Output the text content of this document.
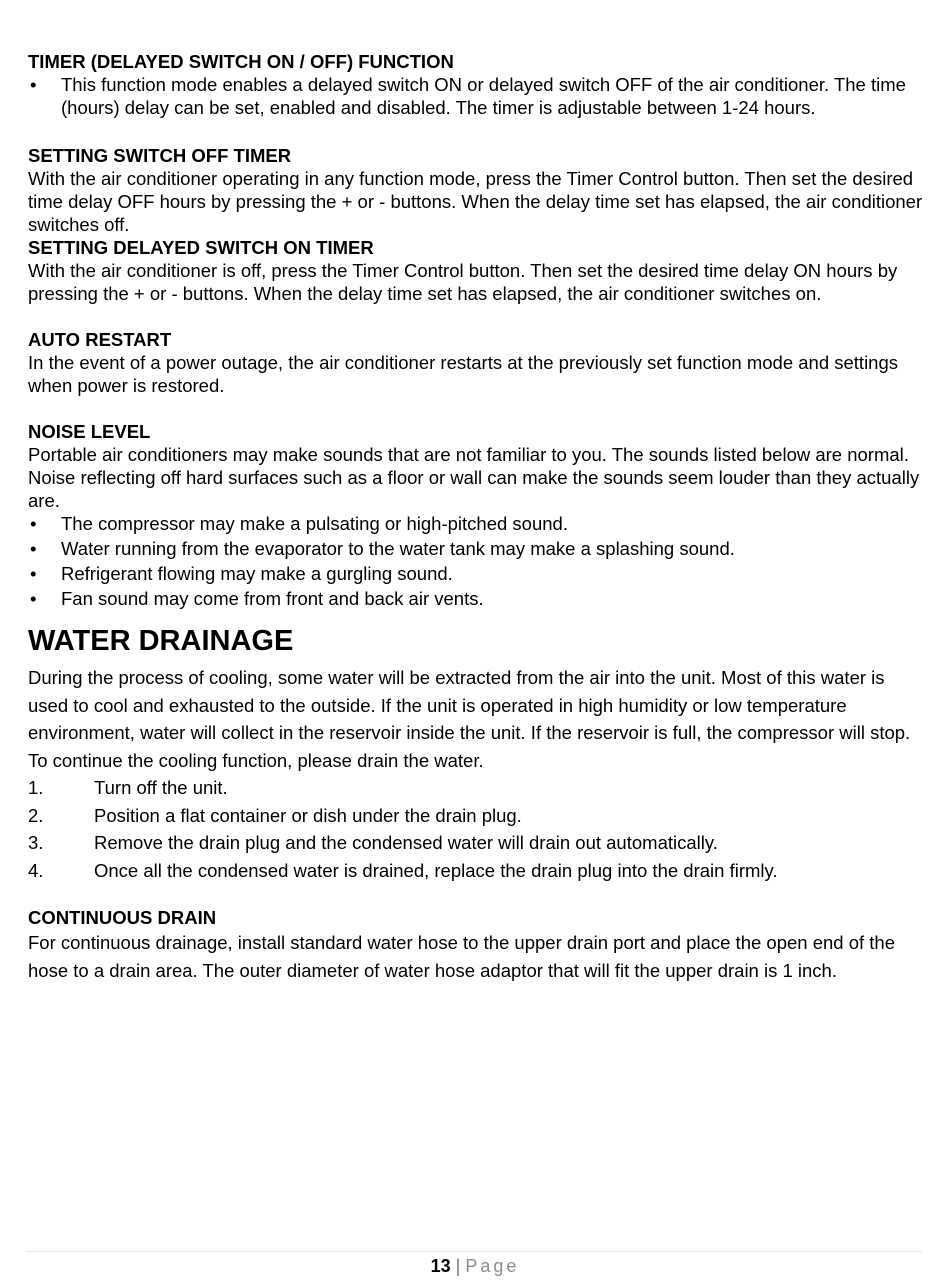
TIMER (DELAYED SWITCH ON / OFF) FUNCTION
• This function mode enables a delayed switch ON or delayed switch OFF of the air conditioner. The time (hours) delay can be set, enabled and disabled. The timer is adjustable between 1-24 hours.
SETTING SWITCH OFF TIMER

With the air conditioner operating in any function mode, press the Timer Control button. Then set the desired time delay OFF hours by pressing the + or - buttons. When the delay time set has elapsed, the air conditioner switches off.

SETTING DELAYED SWITCH ON TIMER

With the air conditioner is off, press the Timer Control button. Then set the desired time delay ON hours by pressing the + or - buttons. When the delay time set has elapsed, the air conditioner switches on.

AUTO RESTART

In the event of a power outage, the air conditioner restarts at the previously set function mode and settings when power is restored.

NOISE LEVEL

Portable air conditioners may make sounds that are not familiar to you. The sounds listed below are normal. Noise reflecting off hard surfaces such as a floor or wall can make the sounds seem louder than they actually are.

• The compressor may make a pulsating or high-pitched sound.
• Water running from the evaporator to the water tank may make a splashing sound.
• Refrigerant flowing may make a gurgling sound.
• Fan sound may come from front and back air vents.
WATER DRAINAGE

During the process of cooling, some water will be extracted from the air into the unit. Most of this water is used to cool and exhausted to the outside. If the unit is operated in high humidity or low temperature environment, water will collect in the reservoir inside the unit. If the reservoir is full, the compressor will stop. To continue the cooling function, please drain the water.

1.	Turn off the unit.
2.	Position a flat container or dish under the drain plug.
3.	Remove the drain plug and the condensed water will drain out automatically.
4.	Once all the condensed water is drained, replace the drain plug into the drain firmly.
CONTINUOUS DRAIN

For continuous drainage, install standard water hose to the upper drain port and place the open end of the hose to a drain area. The outer diameter of water hose adaptor that will fit the upper drain is 1 inch.

13 | Page
